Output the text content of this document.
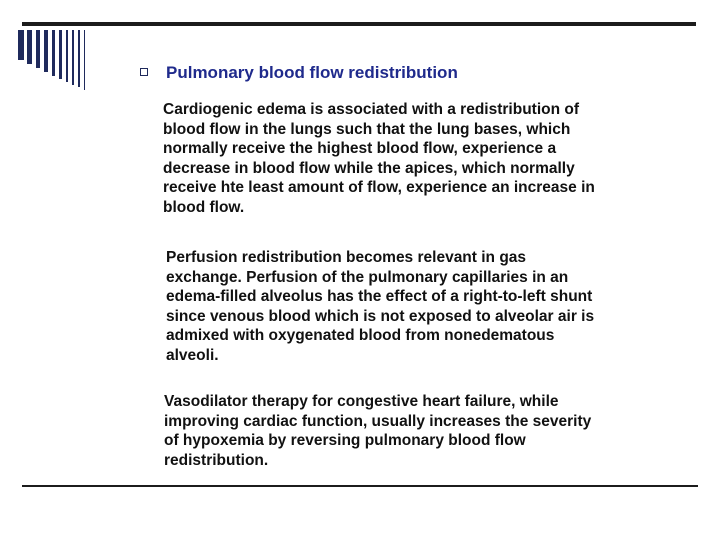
Pulmonary blood flow redistribution
Cardiogenic edema is associated with a redistribution of
blood flow in the lungs such that the lung bases, which
normally receive the highest blood flow, experience a
decrease in blood flow while the apices, which normally
receive hte least amount of flow, experience an increase in
blood flow.
Perfusion redistribution becomes relevant in gas
exchange. Perfusion of the pulmonary capillaries in an
edema-filled alveolus has the effect of a right-to-left shunt
since venous blood which is not exposed to alveolar air is
admixed with oxygenated blood from nonedematous
alveoli.
Vasodilator therapy for congestive heart failure, while
improving cardiac function, usually increases the severity
of hypoxemia by reversing pulmonary blood flow
redistribution.
